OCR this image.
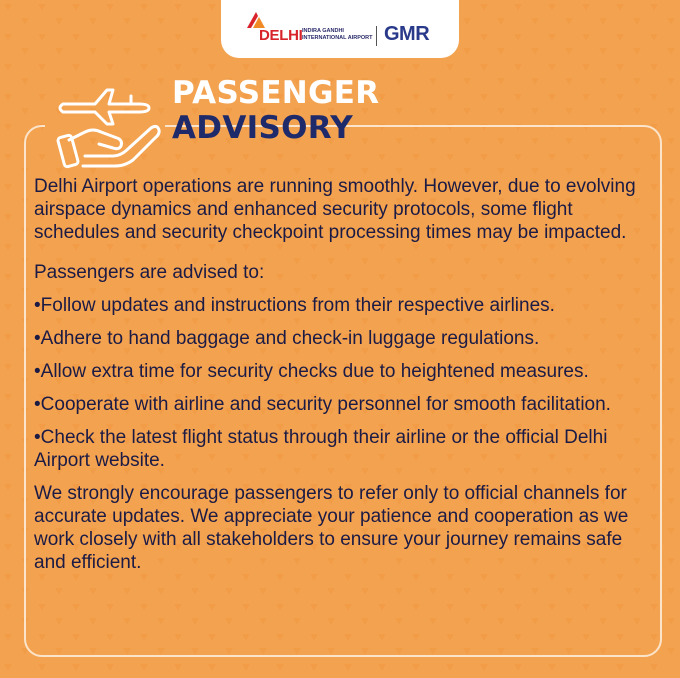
DELHI INDIRA GANDHI
INTERNATIONAL AIRPORT GMR
PASSENGER
ADVISORY

Delhi Airport operations are running smoothly. However, due to evolving airspace dynamics and enhanced security protocols, some flight schedules and security checkpoint processing times may be impacted.

Passengers are advised to:

•Follow updates and instructions from their respective airlines.

•Adhere to hand baggage and check-in luggage regulations.

•Allow extra time for security checks due to heightened measures.

•Cooperate with airline and security personnel for smooth facilitation.

•Check the latest flight status through their airline or the official Delhi Airport website.

We strongly encourage passengers to refer only to official channels for accurate updates. We appreciate your patience and cooperation as we work closely with all stakeholders to ensure your journey remains safe and efficient.
